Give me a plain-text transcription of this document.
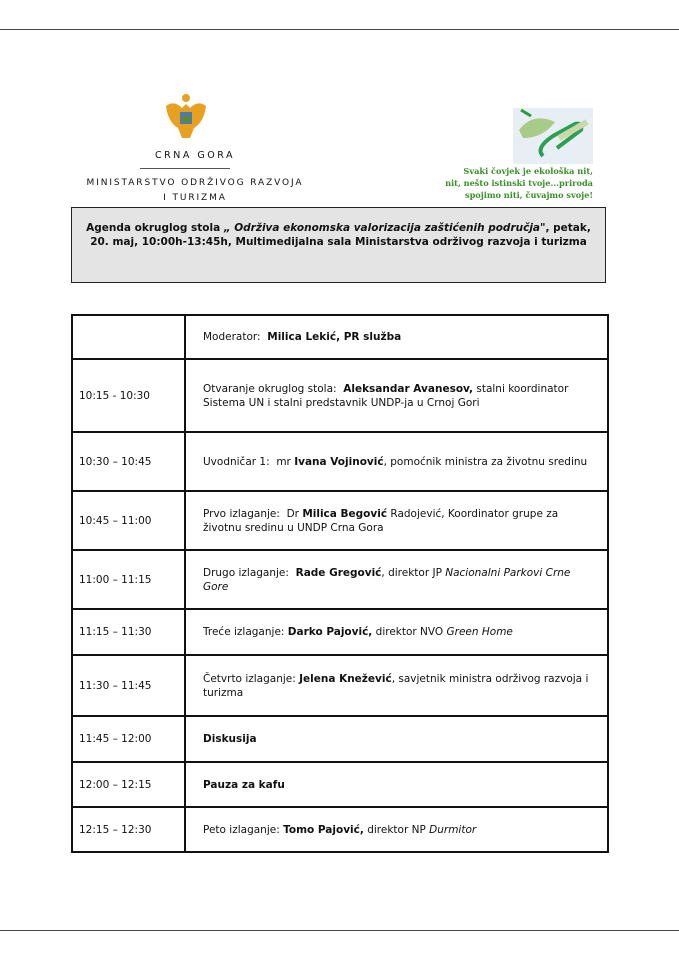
CRNA GORA
MINISTARSTVO ODRŽIVOG RAZVOJA
I TURIZMA
Svaki čovjek je ekološka nit,
nit, nešto istinski tvoje...priroda
spojimo niti, čuvajmo svoje!
Agenda okruglog stola „ Održiva ekonomska valorizacija zaštićenih područja", petak, 20. maj, 10:00h-13:45h, Multimedijalna sala Ministarstva održivog razvoja i turizma
	Moderator:  Milica Lekić, PR služba
10:15 - 10:30	Otvaranje okruglog stola:  Aleksandar Avanesov, stalni koordinator Sistema UN i stalni predstavnik UNDP-ja u Crnoj Gori
10:30 – 10:45	Uvodničar 1:  mr Ivana Vojinović, pomoćnik ministra za životnu sredinu
10:45 – 11:00	Prvo izlaganje:  Dr Milica Begović Radojević, Koordinator grupe za životnu sredinu u UNDP Crna Gora
11:00 – 11:15	Drugo izlaganje:  Rade Gregović, direktor JP Nacionalni Parkovi Crne Gore
11:15 – 11:30	Treće izlaganje: Darko Pajović, direktor NVO Green Home
11:30 – 11:45	Četvrto izlaganje: Jelena Knežević, savjetnik ministra održivog razvoja i turizma
11:45 – 12:00	Diskusija
12:00 – 12:15	Pauza za kafu
12:15 – 12:30	Peto izlaganje: Tomo Pajović, direktor NP Durmitor
